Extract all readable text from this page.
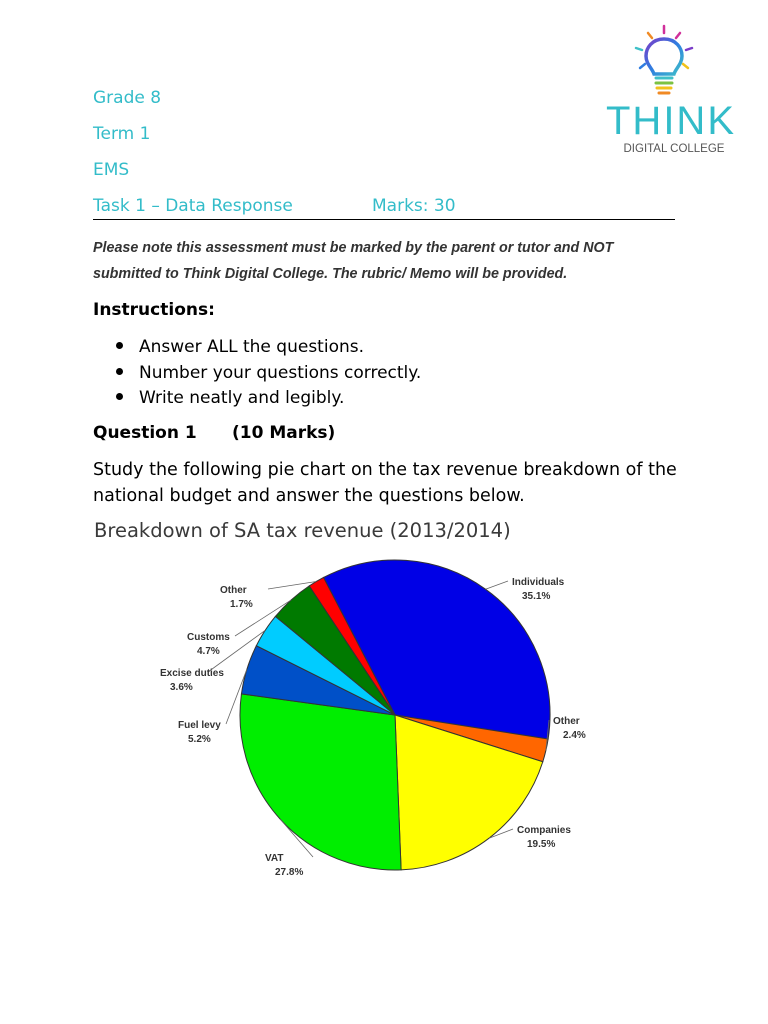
Grade 8
Term 1
EMS
Task 1 – Data Response	Marks: 30
THINK
DIGITAL COLLEGE
Please note this assessment must be marked by the parent or tutor and NOT
submitted to Think Digital College. The rubric/ Memo will be provided.
Instructions:
Answer ALL the questions.
Number your questions correctly.
Write neatly and legibly.
Question 1 (10 Marks)
Study the following pie chart on the tax revenue breakdown of the national budget and answer the questions below.
Breakdown of SA tax revenue (2013/2014)
Individuals
35.1%
Other
2.4%
Companies
19.5%
VAT
27.8%
Fuel levy
5.2%
Excise duties
3.6%
Customs
4.7%
Other
1.7%
